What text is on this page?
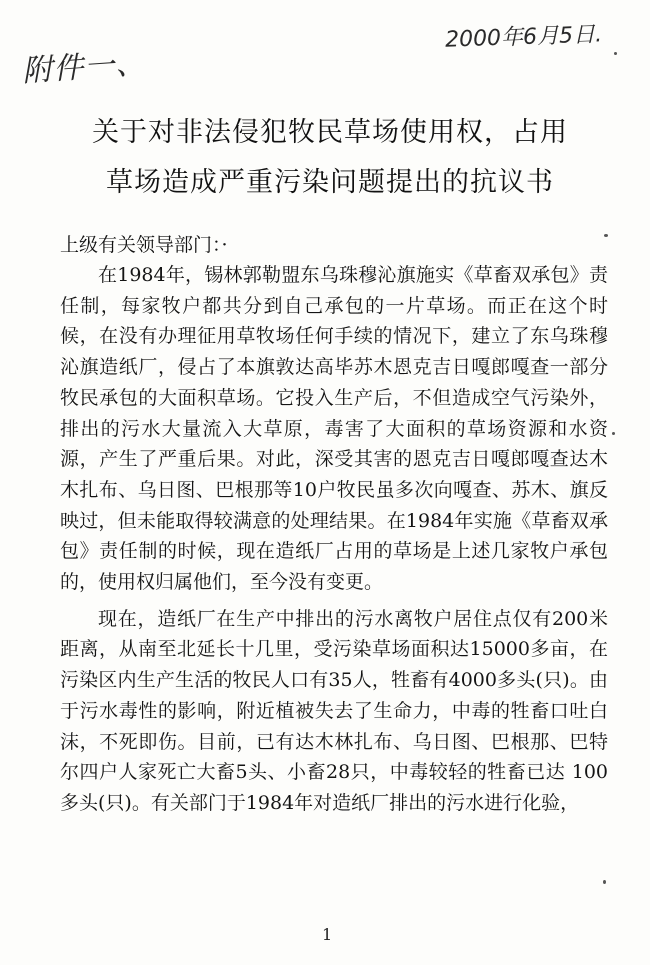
附件一、
2000年6月5日.
关于对非法侵犯牧民草场使用权，占用
草场造成严重污染问题提出的抗议书

上级有关领导部门：·

在1984年，锡林郭勒盟东乌珠穆沁旗施实《草畜双承包》责任制，每家牧户都共分到自己承包的一片草场。而正在这个时候，在没有办理征用草牧场任何手续的情况下，建立了东乌珠穆沁旗造纸厂，侵占了本旗敦达高毕苏木恩克吉日嘎郎嘎查一部分牧民承包的大面积草场。它投入生产后，不但造成空气污染外，排出的污水大量流入大草原，毒害了大面积的草场资源和水资源，产生了严重后果。对此，深受其害的恩克吉日嘎郎嘎查达木木扎布、乌日图、巴根那等10户牧民虽多次向嘎查、苏木、旗反映过，但未能取得较满意的处理结果。在1984年实施《草畜双承包》责任制的时候，现在造纸厂占用的草场是上述几家牧户承包的，使用权归属他们，至今没有变更。

现在，造纸厂在生产中排出的污水离牧户居住点仅有200米距离，从南至北延长十几里，受污染草场面积达15000多亩，在污染区内生产生活的牧民人口有35人，牲畜有4000多头(只)。由于污水毒性的影响，附近植被失去了生命力，中毒的牲畜口吐白沫，不死即伤。目前，已有达木林扎布、乌日图、巴根那、巴特尔四户人家死亡大畜5头、小畜28只，中毒较轻的牲畜已达 100多头(只)。有关部门于1984年对造纸厂排出的污水进行化验，

1
